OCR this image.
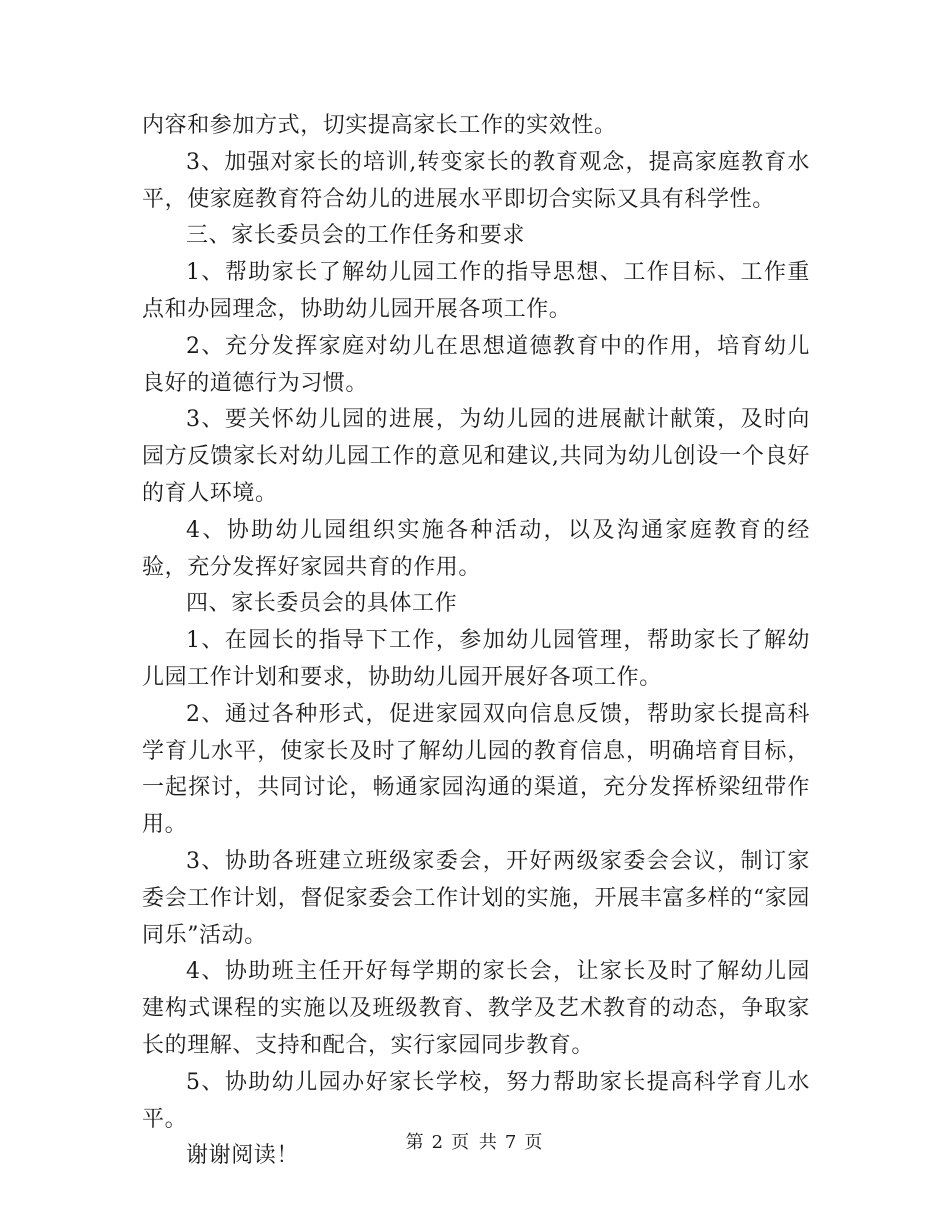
内容和参加方式，切实提高家长工作的实效性。

3、加强对家长的培训,转变家长的教育观念，提高家庭教育水平，使家庭教育符合幼儿的进展水平即切合实际又具有科学性。

三、家长委员会的工作任务和要求

1、帮助家长了解幼儿园工作的指导思想、工作目标、工作重点和办园理念，协助幼儿园开展各项工作。

2、充分发挥家庭对幼儿在思想道德教育中的作用，培育幼儿良好的道德行为习惯。

3、要关怀幼儿园的进展，为幼儿园的进展献计献策，及时向园方反馈家长对幼儿园工作的意见和建议,共同为幼儿创设一个良好的育人环境。

4、协助幼儿园组织实施各种活动，以及沟通家庭教育的经验，充分发挥好家园共育的作用。

四、家长委员会的具体工作

1、在园长的指导下工作，参加幼儿园管理，帮助家长了解幼儿园工作计划和要求，协助幼儿园开展好各项工作。

2、通过各种形式，促进家园双向信息反馈，帮助家长提高科学育儿水平，使家长及时了解幼儿园的教育信息，明确培育目标，一起探讨，共同讨论，畅通家园沟通的渠道，充分发挥桥梁纽带作用。

3、协助各班建立班级家委会，开好两级家委会会议，制订家委会工作计划，督促家委会工作计划的实施，开展丰富多样的“家园同乐”活动。

4、协助班主任开好每学期的家长会，让家长及时了解幼儿园建构式课程的实施以及班级教育、教学及艺术教育的动态，争取家长的理解、支持和配合，实行家园同步教育。

5、协助幼儿园办好家长学校，努力帮助家长提高科学育儿水平。

谢谢阅读！

第 2 页 共 7 页
